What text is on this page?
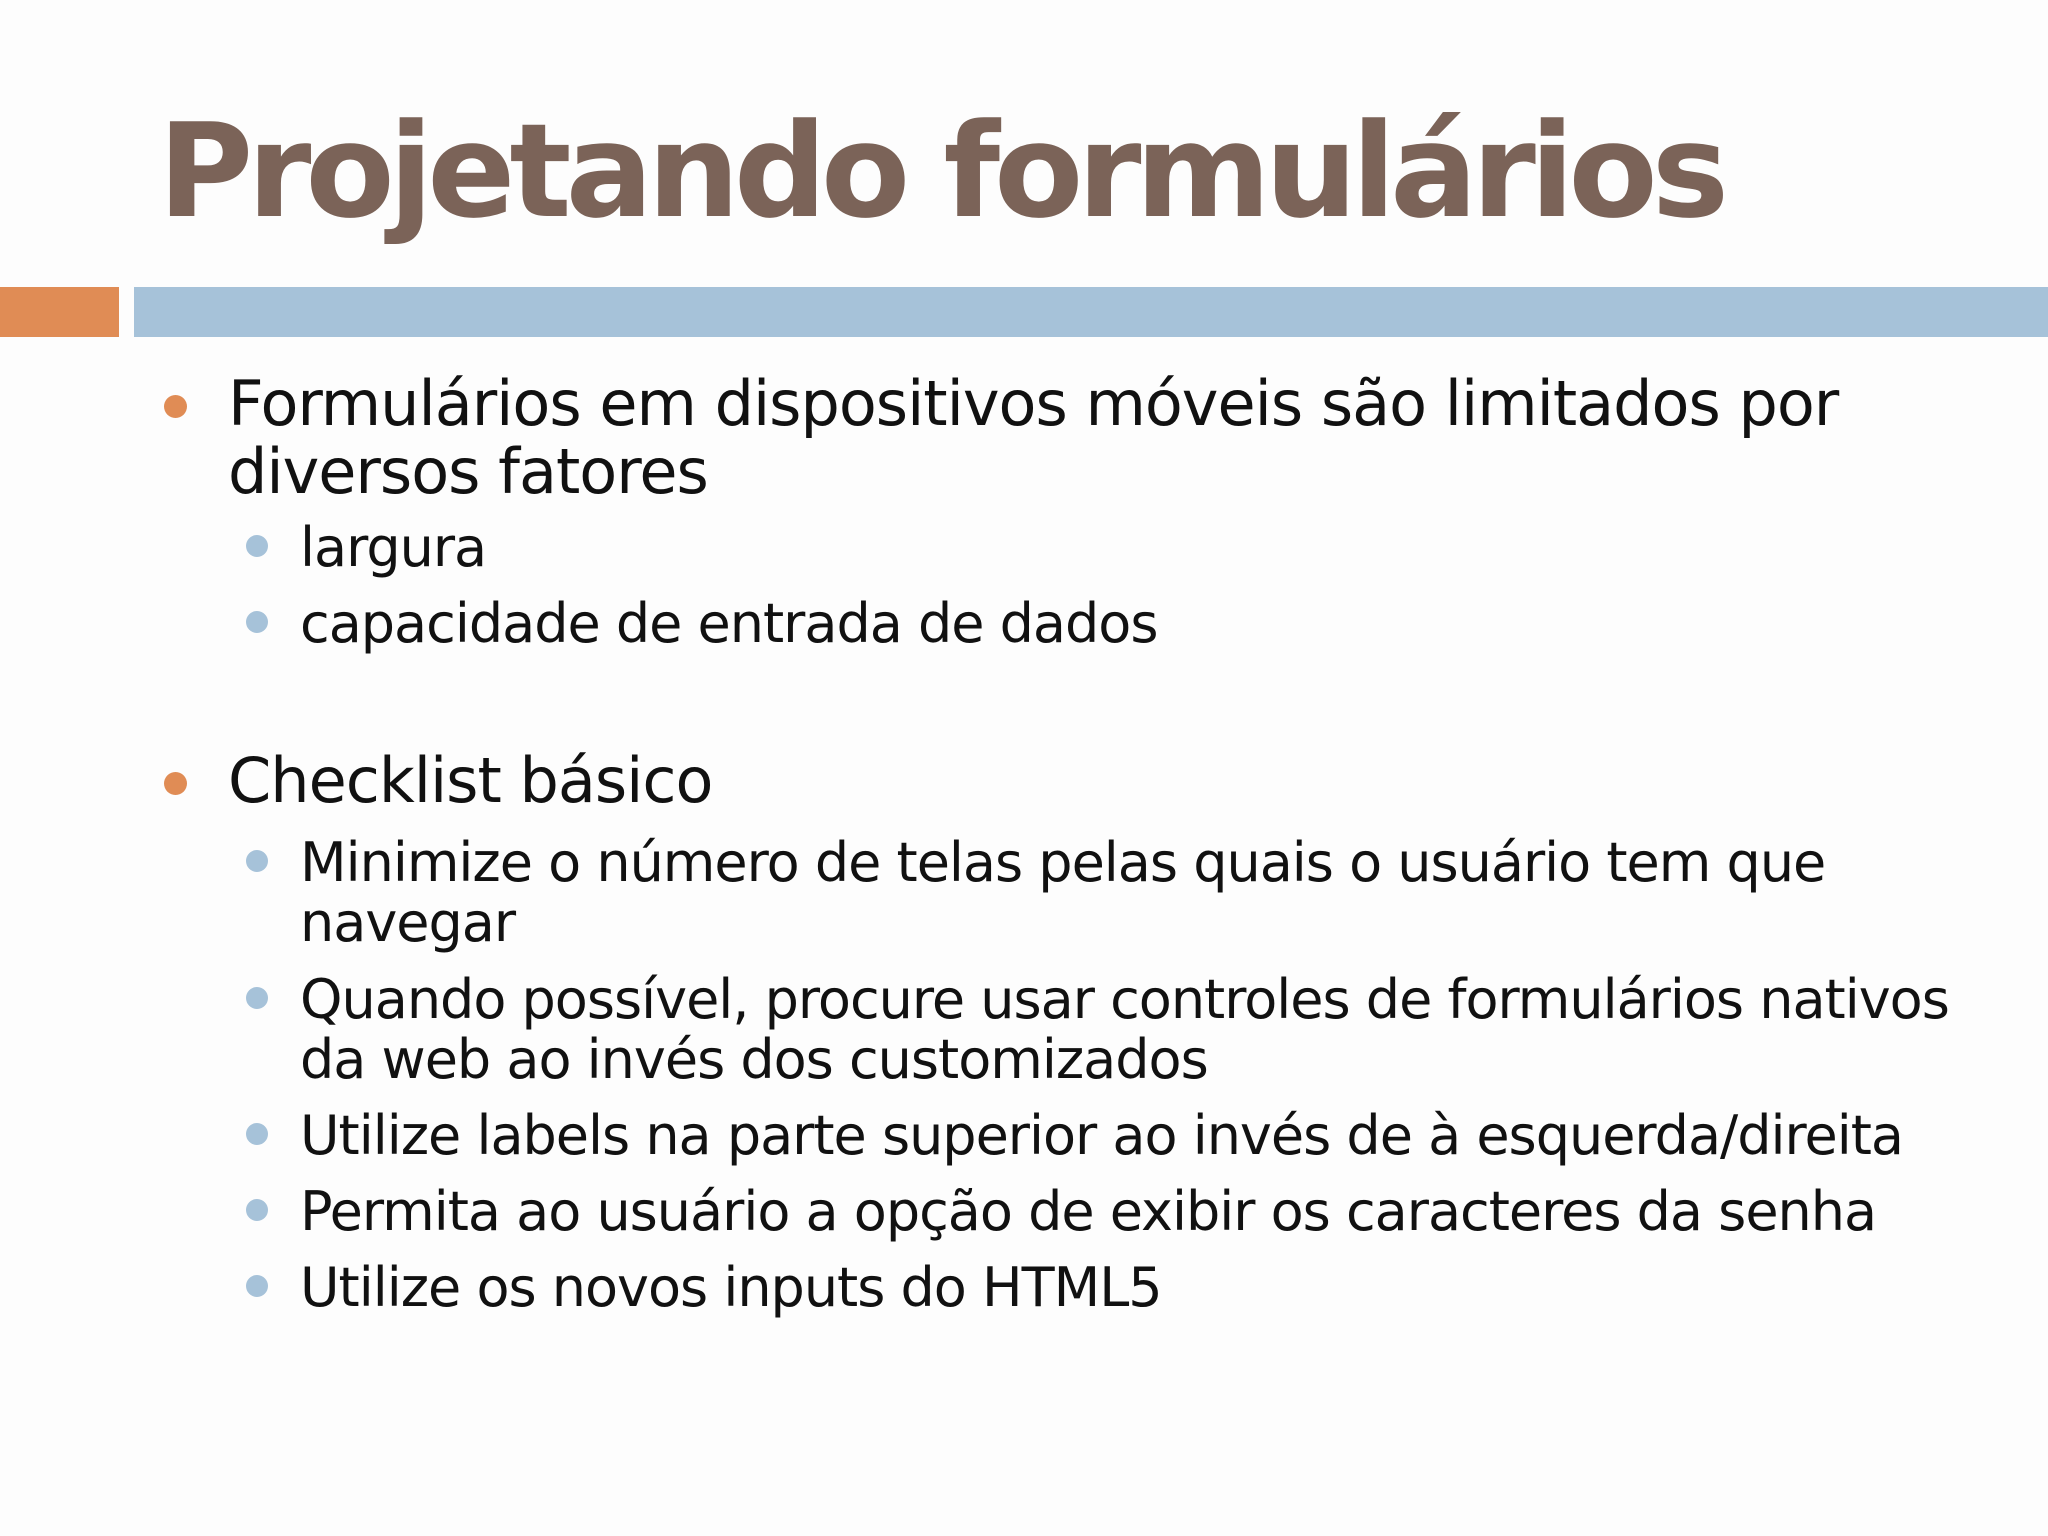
Projetando formulários
Formulários em dispositivos móveis são limitados por diversos fatores
largura
capacidade de entrada de dados
Checklist básico
Minimize o número de telas pelas quais o usuário tem que navegar
Quando possível, procure usar controles de formulários nativos da web ao invés dos customizados
Utilize labels na parte superior ao invés de à esquerda/direita
Permita ao usuário a opção de exibir os caracteres da senha
Utilize os novos inputs do HTML5
